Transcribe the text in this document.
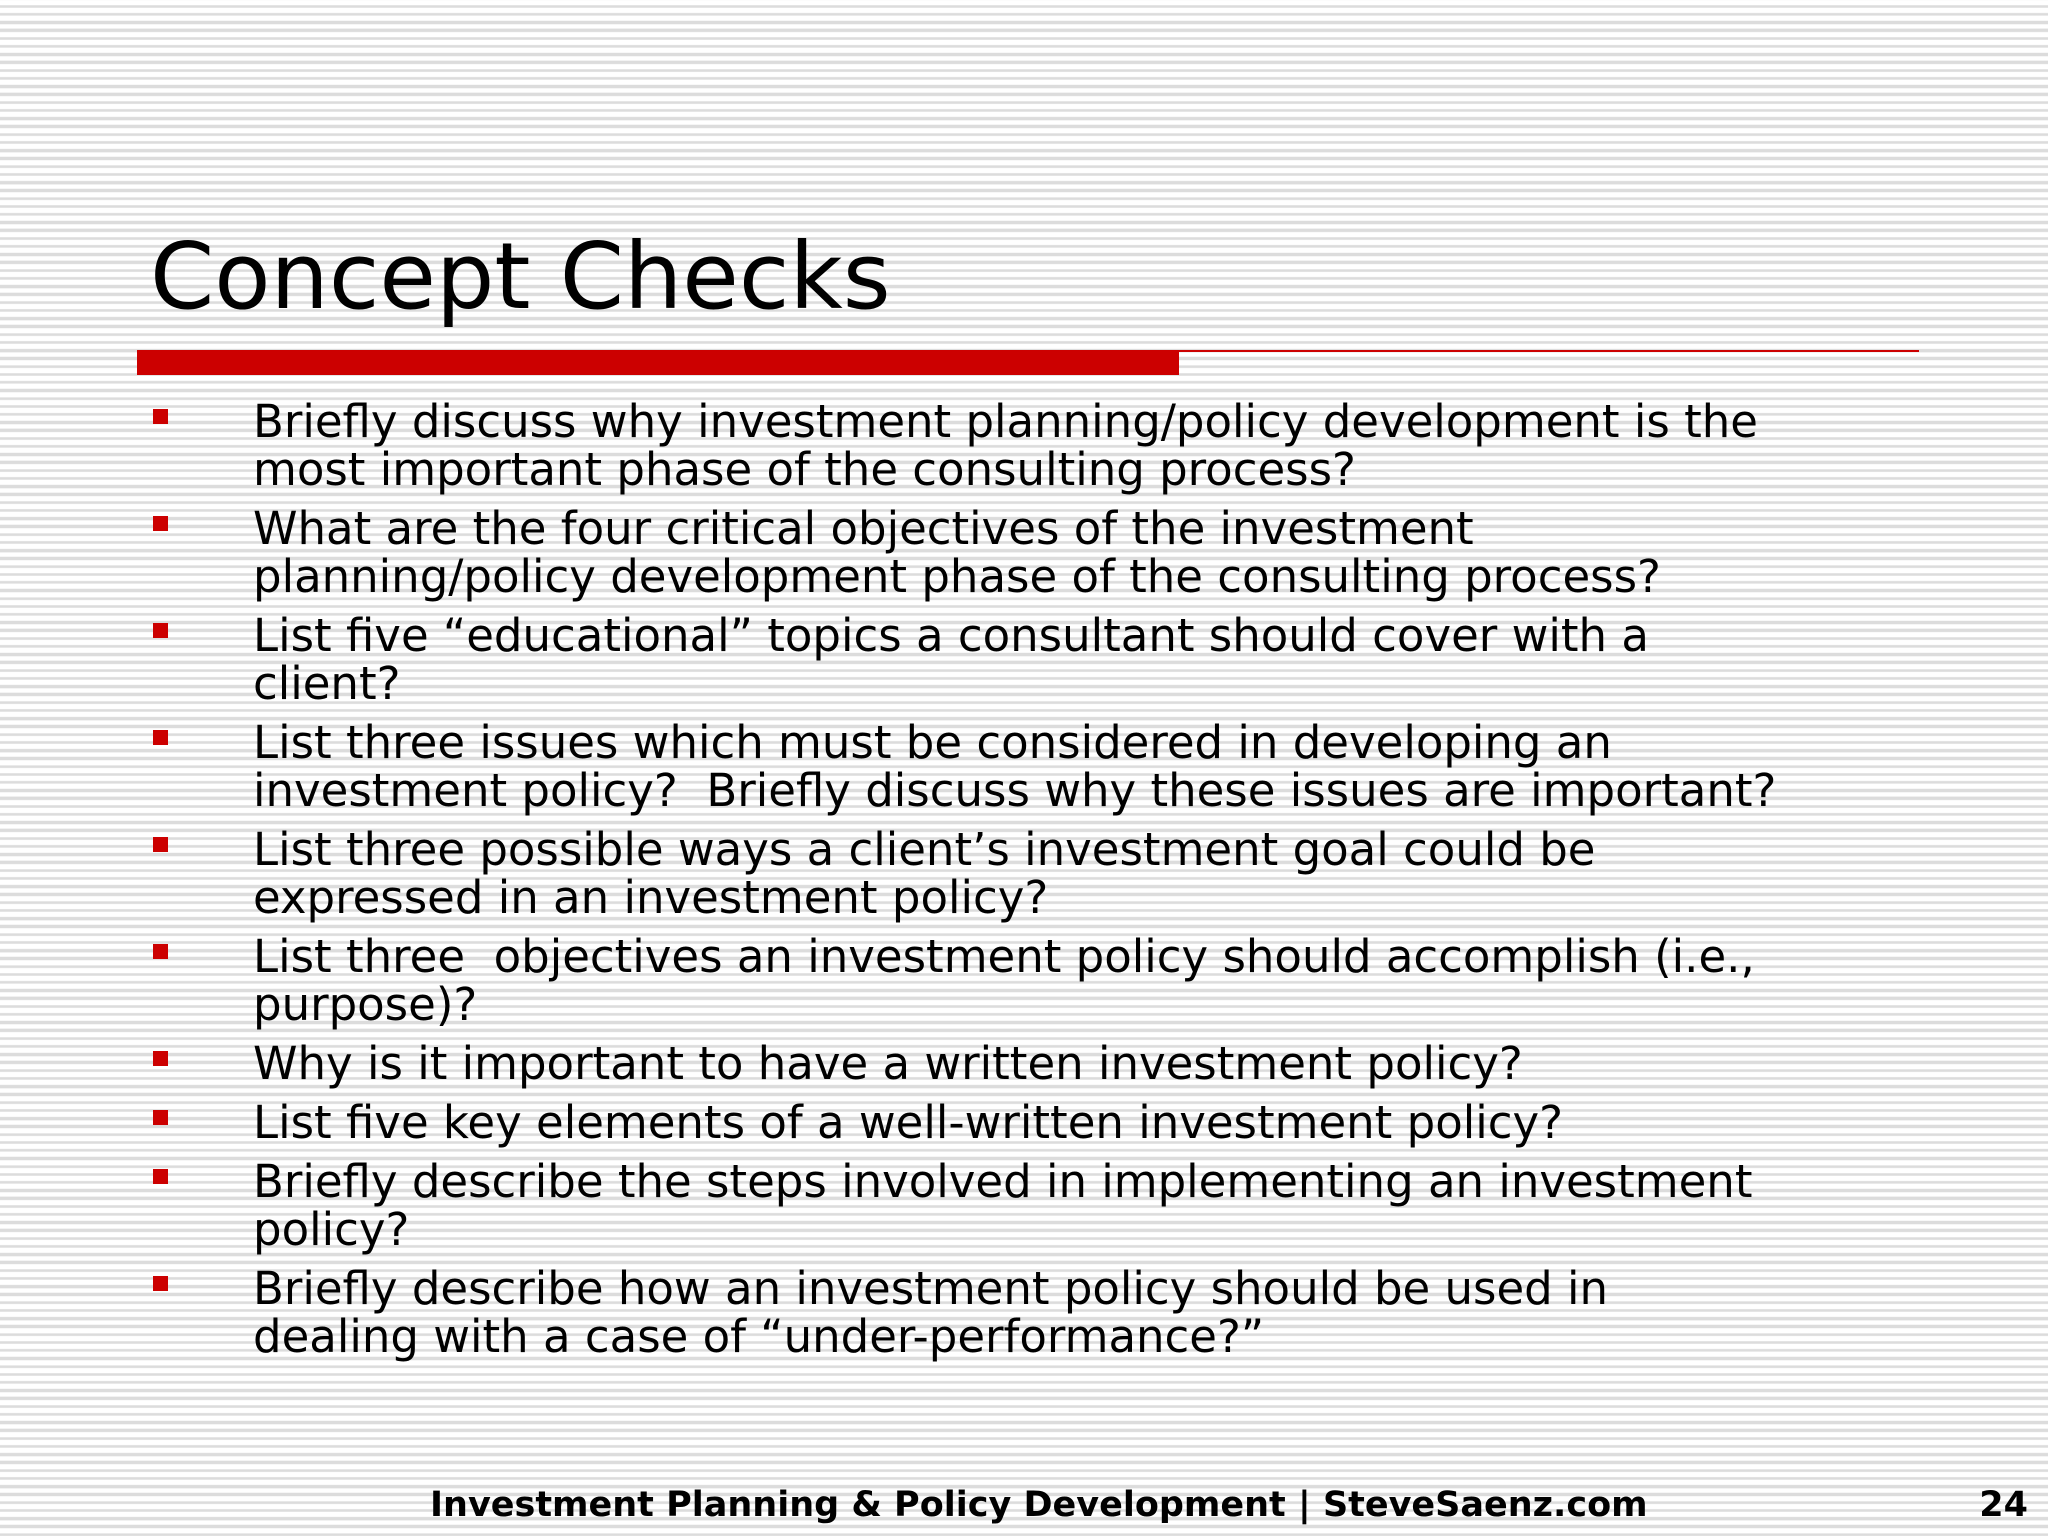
Concept Checks
Briefly discuss why investment planning/policy development is the
most important phase of the consulting process?
What are the four critical objectives of the investment
planning/policy development phase of the consulting process?
List five “educational” topics a consultant should cover with a
client?
List three issues which must be considered in developing an
investment policy?  Briefly discuss why these issues are important?
List three possible ways a client’s investment goal could be
expressed in an investment policy?
List three  objectives an investment policy should accomplish (i.e.,
purpose)?
Why is it important to have a written investment policy?
List five key elements of a well-written investment policy?
Briefly describe the steps involved in implementing an investment
policy?
Briefly describe how an investment policy should be used in
dealing with a case of “under-performance?”
Investment Planning & Policy Development | SteveSaenz.com	24
